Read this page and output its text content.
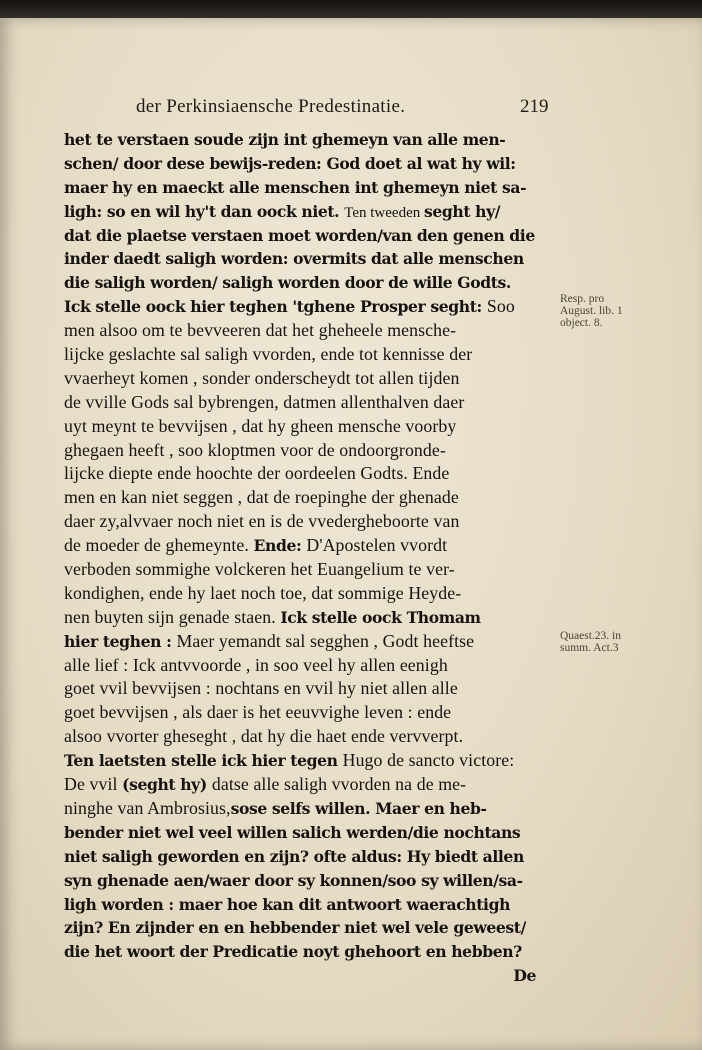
der Perkinsiaensche Predestinatie.	219
het te verstaen soude zijn int ghemeyn van alle men-
schen/ door dese bewijs-reden: God doet al wat hy wil:
maer hy en maeckt alle menschen int ghemeyn niet sa-
ligh: so en wil hy't dan oock niet. Ten tweeden seght hy/
dat die plaetse verstaen moet worden/van den genen die
inder daedt saligh worden: overmits dat alle menschen
die saligh worden/ saligh worden door de wille Godts.
Ick stelle oock hier teghen 'tghene Prosper seght: Soo
men alsoo om te bevveeren dat het gheheele mensche-
lijcke geslachte sal saligh vvorden, ende tot kennisse der
vvaerheyt komen , sonder onderscheydt tot allen tijden
de vville Gods sal bybrengen, datmen allenthalven daer
uyt meynt te bevvijsen , dat hy gheen mensche voorby
ghegaen heeft , soo kloptmen voor de ondoorgronde-
lijcke diepte ende hoochte der oordeelen Godts. Ende
men en kan niet seggen , dat de roepinghe der ghenade
daer zy,alvvaer noch niet en is de vvedergheboorte van
de moeder de ghemeynte. Ende: D'Apostelen vvordt
verboden sommighe volckeren het Euangelium te ver-
kondighen, ende hy laet noch toe, dat sommige Heyde-
nen buyten sijn genade staen. Ick stelle oock Thomam
hier teghen : Maer yemandt sal segghen , Godt heeftse
alle lief : Ick antvvoorde , in soo veel hy allen eenigh
goet vvil bevvijsen : nochtans en vvil hy niet allen alle
goet bevvijsen , als daer is het eeuvvighe leven : ende
alsoo vvorter gheseght , dat hy die haet ende vervverpt.
Ten laetsten stelle ick hier tegen Hugo de sancto victore:
De vvil (seght hy) datse alle saligh vvorden na de me-
ninghe van Ambrosius,sose selfs willen. Maer en heb-
bender niet wel veel willen salich werden/die nochtans
niet saligh geworden en zijn? ofte aldus: Hy biedt allen
syn ghenade aen/waer door sy konnen/soo sy willen/sa-
ligh worden : maer hoe kan dit antwoort waerachtigh
zijn? En zijnder en en hebbender niet wel vele geweest/
die het woort der Predicatie noyt ghehoort en hebben?
De
Resp. pro
August. lib. 1
object. 8.
Quaest.23. in
summ. Act.3
